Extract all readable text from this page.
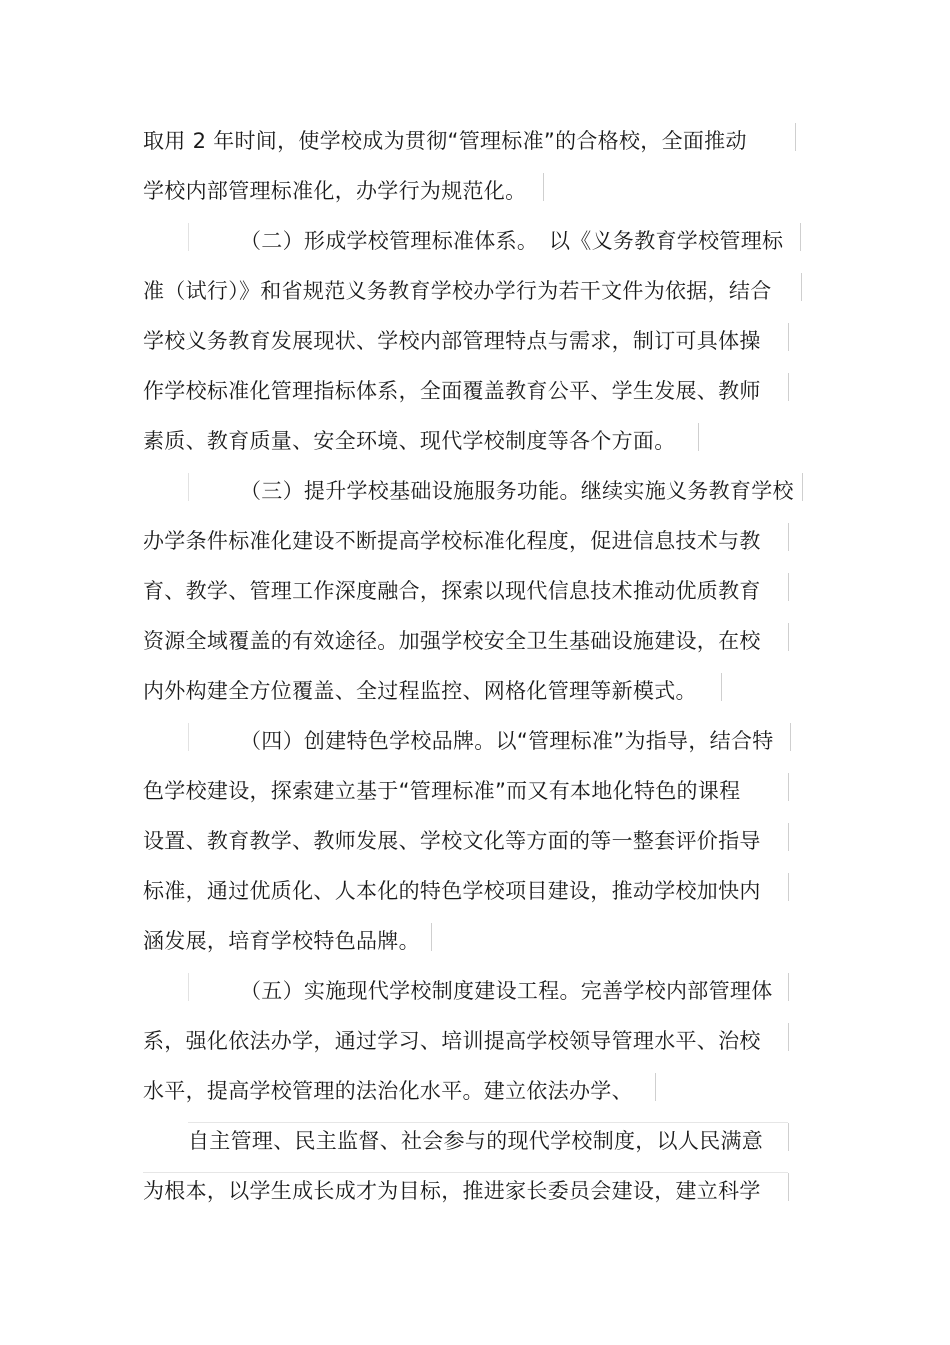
取用 2 年时间，使学校成为贯彻“管理标准”的合格校，全面推动
学校内部管理标准化，办学行为规范化。
（二）形成学校管理标准体系。　以《义务教育学校管理标
准（试行）》和省规范义务教育学校办学行为若干文件为依据，结合
学校义务教育发展现状、学校内部管理特点与需求，制订可具体操
作学校标准化管理指标体系，全面覆盖教育公平、学生发展、教师
素质、教育质量、安全环境、现代学校制度等各个方面。
（三）提升学校基础设施服务功能。继续实施义务教育学校
办学条件标准化建设不断提高学校标准化程度，促进信息技术与教
育、教学、管理工作深度融合，探索以现代信息技术推动优质教育
资源全域覆盖的有效途径。加强学校安全卫生基础设施建设，在校
内外构建全方位覆盖、全过程监控、网格化管理等新模式。
（四）创建特色学校品牌。以“管理标准”为指导，结合特
色学校建设，探索建立基于“管理标准”而又有本地化特色的课程
设置、教育教学、教师发展、学校文化等方面的等一整套评价指导
标准，通过优质化、人本化的特色学校项目建设，推动学校加快内
涵发展，培育学校特色品牌。
（五）实施现代学校制度建设工程。完善学校内部管理体
系，强化依法办学，通过学习、培训提高学校领导管理水平、治校
水平，提高学校管理的法治化水平。建立依法办学、
自主管理、民主监督、社会参与的现代学校制度，以人民满意
为根本，以学生成长成才为目标，推进家长委员会建设，建立科学
